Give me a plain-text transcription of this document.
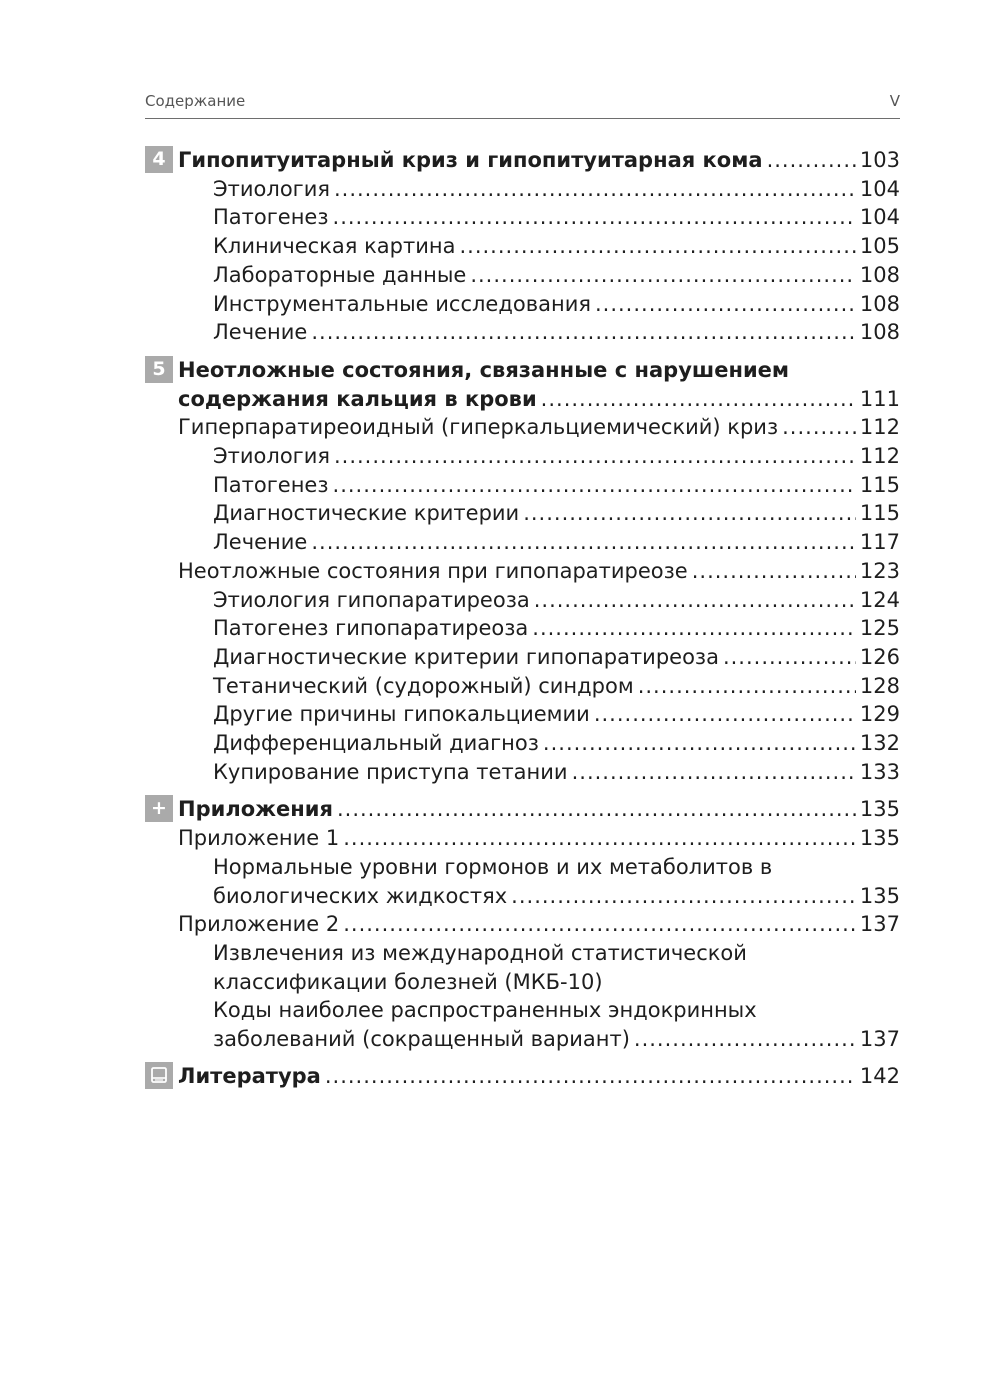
Содержание	V
4 Гипопитуитарный криз и гипопитуитарная кома .....	103
Этиология .....	104
Патогенез .....	104
Клиническая картина .....	105
Лабораторные данные .....	108
Инструментальные исследования .....	108
Лечение .....	108
5 Неотложные состояния, связанные с нарушением
содержания кальция в крови .....	111
Гиперпаратиреоидный (гиперкальциемический) криз .....	112
Этиология .....	112
Патогенез .....	115
Диагностические критерии .....	115
Лечение .....	117
Неотложные состояния при гипопаратиреозе .....	123
Этиология гипопаратиреоза .....	124
Патогенез гипопаратиреоза .....	125
Диагностические критерии гипопаратиреоза .....	126
Тетанический (судорожный) синдром .....	128
Другие причины гипокальциемии .....	129
Дифференциальный диагноз .....	132
Купирование приступа тетании .....	133
+ Приложения .....	135
Приложение 1 .....	135
Нормальные уровни гормонов и их метаболитов в
биологических жидкостях .....	135
Приложение 2 .....	137
Извлечения из международной статистической
классификации болезней (МКБ-10)
Коды наиболее распространенных эндокринных
заболеваний (сокращенный вариант) .....	137
Литература .....	142
